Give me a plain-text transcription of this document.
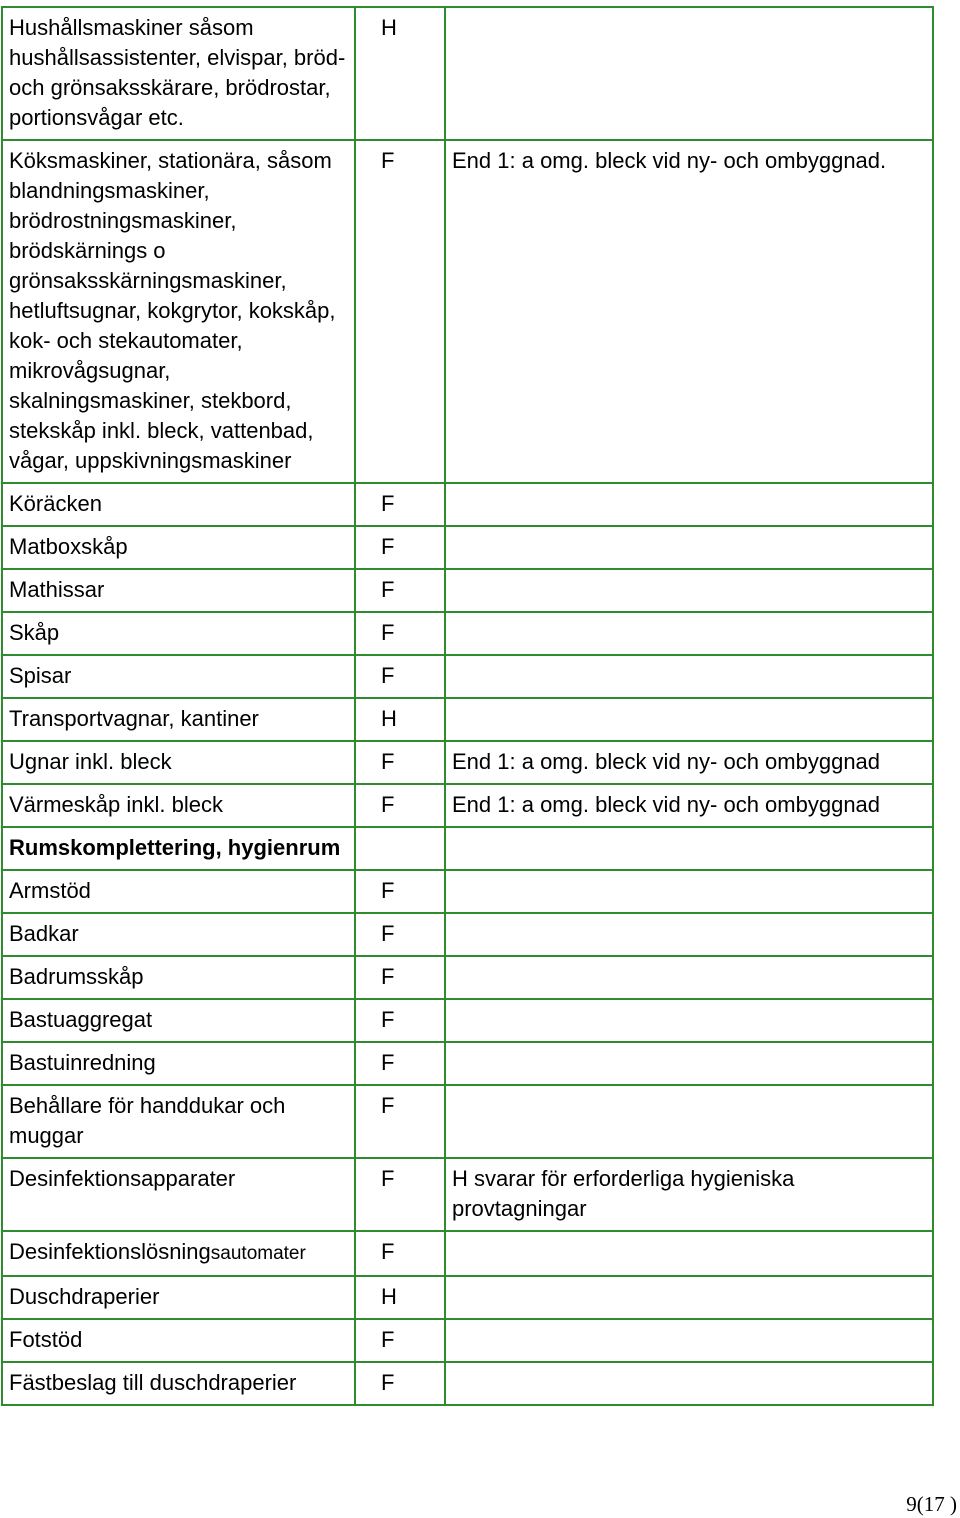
Hushållsmaskiner såsom hushållsassistenter, elvispar, bröd- och grönsaksskärare, brödrostar, portionsvågar etc.	H	
Köksmaskiner, stationära, såsom blandningsmaskiner, brödrostningsmaskiner, brödskärnings o grönsaksskärningsmaskiner, hetluftsugnar, kokgrytor, kokskåp, kok- och stekautomater, mikrovågsugnar, skalningsmaskiner, stekbord, stekskåp inkl. bleck, vattenbad, vågar, uppskivningsmaskiner	F	End 1: a omg. bleck vid ny- och ombyggnad.
Köräcken	F	
Matboxskåp	F	
Mathissar	F	
Skåp	F	
Spisar	F	
Transportvagnar, kantiner	H	
Ugnar inkl. bleck	F	End 1: a omg. bleck vid ny- och ombyggnad
Värmeskåp inkl. bleck	F	End 1: a omg. bleck vid ny- och ombyggnad
Rumskomplettering, hygienrum		
Armstöd	F	
Badkar	F	
Badrumsskåp	F	
Bastuaggregat	F	
Bastuinredning	F	
Behållare för handdukar och muggar	F	
Desinfektionsapparater	F	H svarar för erforderliga hygieniska provtagningar
Desinfektionslösningsautomater	F	
Duschdraperier	H	
Fotstöd	F	
Fästbeslag till duschdraperier	F	
9(17 )
